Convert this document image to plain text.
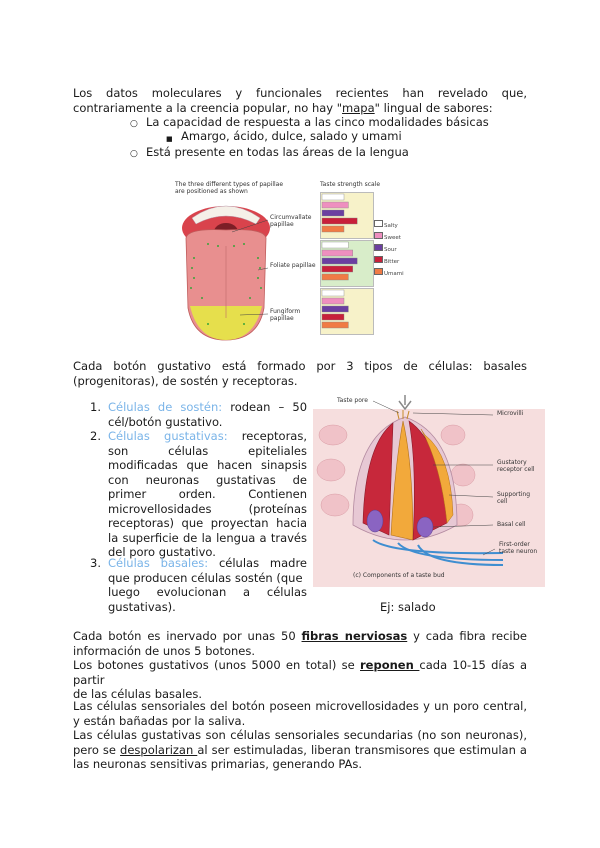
Los datos moleculares y funcionales recientes han revelado que,
contrariamente a la creencia popular, no hay "mapa" lingual de sabores:
○ La capacidad de respuesta a las cinco modalidades básicas
■ Amargo, ácido, dulce, salado y umami
○ Está presente en todas las áreas de la lengua
The three different types of papillae are positioned as shown
Taste strength scale
Circumvallate papillae
Foliate papillae
Fungiform papillae
Salty
Sweet
Sour
Bitter
Umami
Cada botón gustativo está formado por 3 tipos de células: basales
(progenitoras), de sostén y receptoras.
1. Células de sostén: rodean – 50
cél/botón gustativo.
2. Células gustativas: receptoras,
son células epiteliales
modificadas que hacen sinapsis
con neuronas gustativas de
primer orden. Contienen
microvellosidades (proteínas
receptoras) que proyectan hacia
la superficie de la lengua a través
del poro gustativo.
3. Células basales: células madre
que producen células sostén (que
luego evolucionan a células
gustativas).
Taste pore
Microvilli
Gustatory receptor cell
Supporting cell
Basal cell
First-order taste neuron
(c) Components of a taste bud
Ej: salado
Cada botón es inervado por unas 50 fibras nerviosas y cada fibra recibe
información de unos 5 botones.
Los botones gustativos (unos 5000 en total) se reponen cada 10-15 días a partir
de las células basales.
Las células sensoriales del botón poseen microvellosidades y un poro central,
y están bañadas por la saliva.
Las células gustativas son células sensoriales secundarias (no son neuronas),
pero se despolarizan al ser estimuladas, liberan transmisores que estimulan a
las neuronas sensitivas primarias, generando PAs.
